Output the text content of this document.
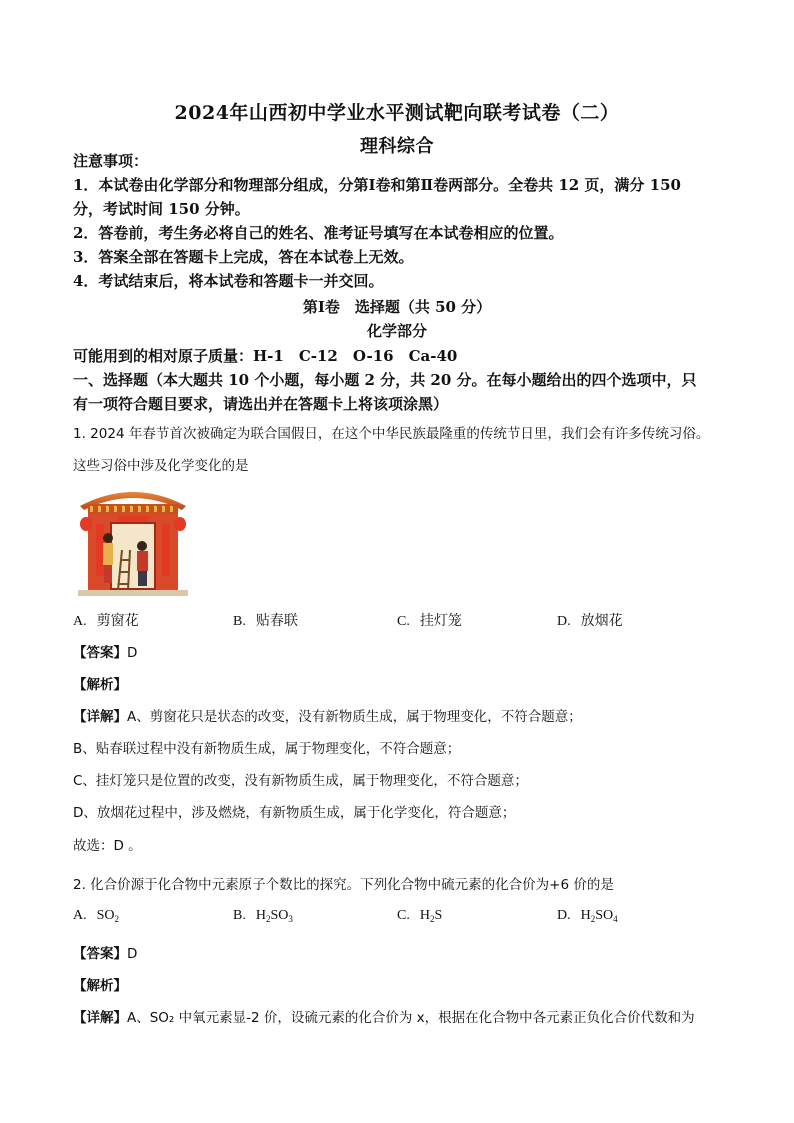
2024年山西初中学业水平测试靶向联考试卷（二）
理科综合
注意事项：
1．本试卷由化学部分和物理部分组成，分第Ⅰ卷和第Ⅱ卷两部分。全卷共 12 页，满分 150
分，考试时间 150 分钟。
2．答卷前，考生务必将自己的姓名、准考证号填写在本试卷相应的位置。
3．答案全部在答题卡上完成，答在本试卷上无效。
4．考试结束后，将本试卷和答题卡一并交回。
第Ⅰ卷　选择题（共 50 分）
化学部分
可能用到的相对原子质量：H-1　C-12　O-16　Ca-40
一、选择题（本大题共 10 个小题，每小题 2 分，共 20 分。在每小题给出的四个选项中，只
有一项符合题目要求，请选出并在答题卡上将该项涂黑）
1. 2024 年春节首次被确定为联合国假日，在这个中华民族最隆重的传统节日里，我们会有许多传统习俗。
这些习俗中涉及化学变化的是
A. 剪窗花	B. 贴春联	C. 挂灯笼	D. 放烟花
【答案】D
【解析】
【详解】A、剪窗花只是状态的改变，没有新物质生成，属于物理变化，不符合题意；
B、贴春联过程中没有新物质生成，属于物理变化，不符合题意；
C、挂灯笼只是位置的改变，没有新物质生成，属于物理变化，不符合题意；
D、放烟花过程中，涉及燃烧，有新物质生成，属于化学变化，符合题意；
故选：D 。
2. 化合价源于化合物中元素原子个数比的探究。下列化合物中硫元素的化合价为+6 价的是
A. $SO_2$	B. $H_2SO_3$	C. $H_2S$	D. $H_2SO_4$
【答案】D
【解析】
【详解】A、SO₂ 中氧元素显-2 价，设硫元素的化合价为 x，根据在化合物中各元素正负化合价代数和为
